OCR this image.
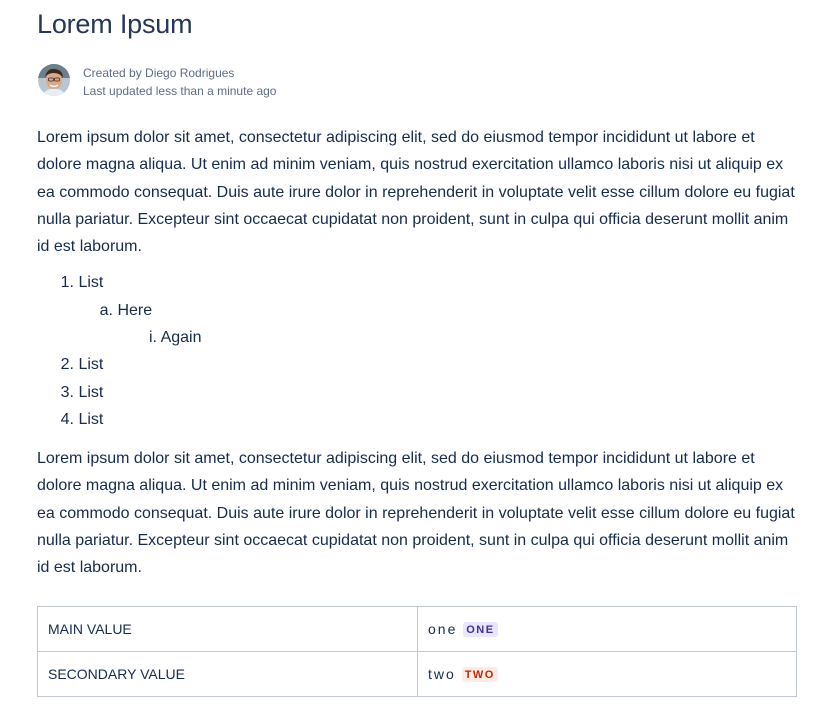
Lorem Ipsum
Created by Diego Rodrigues
Last updated less than a minute ago

Lorem ipsum dolor sit amet, consectetur adipiscing elit, sed do eiusmod tempor incididunt ut labore et dolore magna aliqua. Ut enim ad minim veniam, quis nostrud exercitation ullamco laboris nisi ut aliquip ex ea commodo consequat. Duis aute irure dolor in reprehenderit in voluptate velit esse cillum dolore eu fugiat nulla pariatur. Excepteur sint occaecat cupidatat non proident, sunt in culpa qui officia deserunt mollit anim id est laborum.

1. List
a. Here
i. Again
2. List
3. List
4. List

Lorem ipsum dolor sit amet, consectetur adipiscing elit, sed do eiusmod tempor incididunt ut labore et dolore magna aliqua. Ut enim ad minim veniam, quis nostrud exercitation ullamco laboris nisi ut aliquip ex ea commodo consequat. Duis aute irure dolor in reprehenderit in voluptate velit esse cillum dolore eu fugiat nulla pariatur. Excepteur sint occaecat cupidatat non proident, sunt in culpa qui officia deserunt mollit anim id est laborum.

MAIN VALUE	one ONE
SECONDARY VALUE	two TWO
